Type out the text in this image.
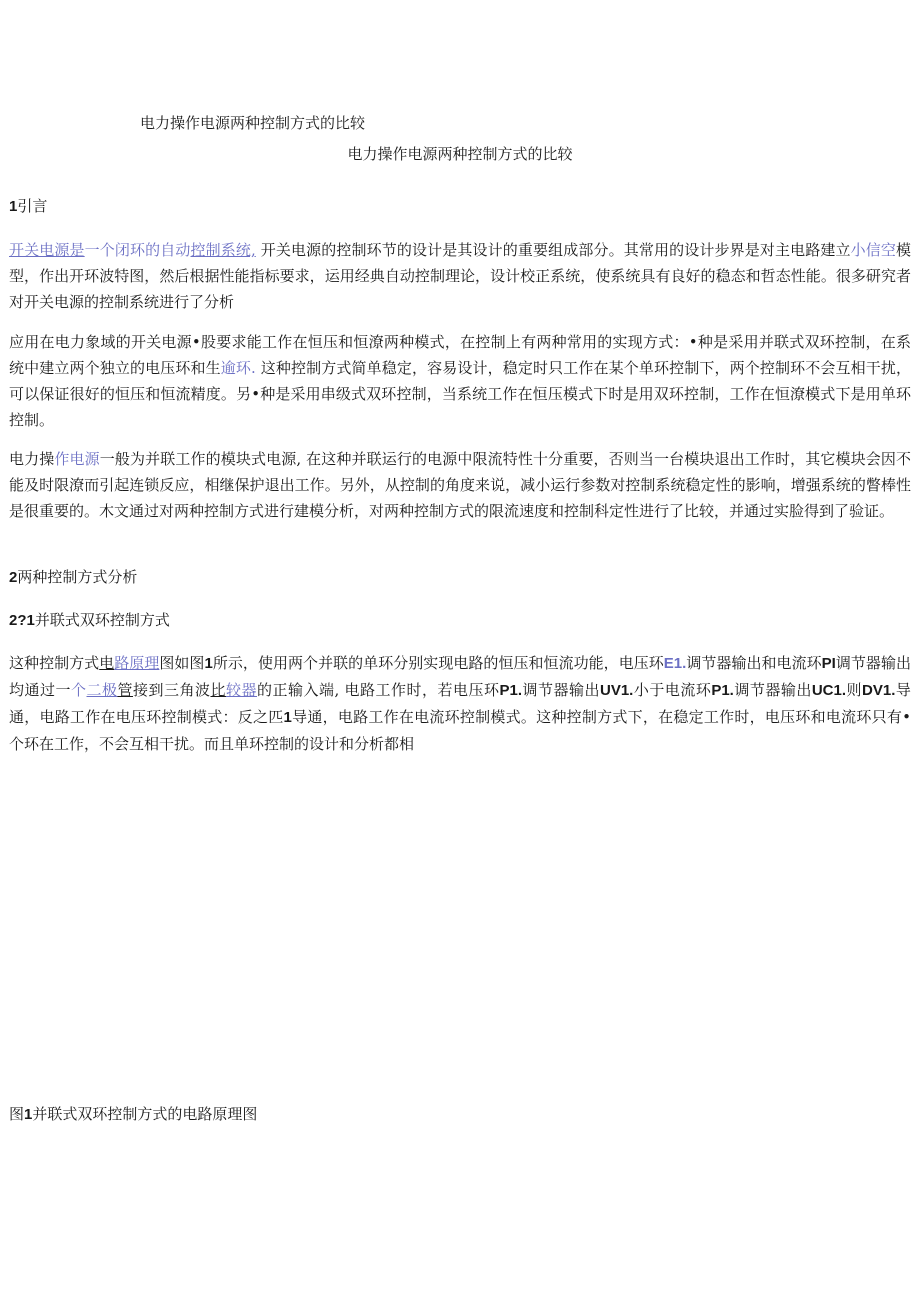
电力操作电源两种控制方式的比较

电力操作电源两种控制方式的比较

1引言

开关电源是一个闭环的自动控制系统, 开关电源的控制环节的设计是其设计的重要组成部分。其常用的设计步界是对主电路建立小信空模型，作出开环波特图，然后根据性能指标要求，运用经典自动控制理论，设计校正系统，使系统具有良好的稳态和哲态性能。很多研究者对开关电源的控制系统进行了分析

应用在电力象域的开关电源•股要求能工作在恒压和恒潦两种模式，在控制上有两种常用的实现方式：•种是采用并联式双环控制，在系统中建立两个独立的电压环和生逾环. 这种控制方式简单稳定，容易设计，稳定时只工作在某个单环控制下，两个控制环不会互相干扰，可以保证很好的恒压和恒流精度。另•种是采用串级式双环控制，当系统工作在恒压模式下时是用双环控制，工作在恒潦模式下是用单环控制。

电力操作电源一般为并联工作的模块式电源, 在这种并联运行的电源中限流特性十分重要，否则当一台模块退出工作时，其它模块会因不能及时限潦而引起连锁反应，相继保护退出工作。另外，从控制的角度来说，减小运行参数对控制系统稳定性的影响，增强系统的瞥棒性是很重要的。木文通过对两种控制方式进行建模分析，对两种控制方式的限流速度和控制科定性进行了比较，并通过实脸得到了验证。

2两种控制方式分析

2?1并联式双环控制方式

这种控制方式电路原理图如图1所示，使用两个并联的单环分别实现电路的恒压和恒流功能，电压环E1.调节器输出和电流环PI调节器输出均通过一个二极管接到三角波比较器的正输入端, 电路工作时，若电压环P1.调节器输出UV1.小于电流环P1.调节器输出UC1.则DV1.导通，电路工作在电压环控制模式：反之匹1导通，电路工作在电流环控制模式。这种控制方式下，在稳定工作时，电压环和电流环只有•个环在工作，不会互相干扰。而且单环控制的设计和分析都相

图1并联式双环控制方式的电路原理图
